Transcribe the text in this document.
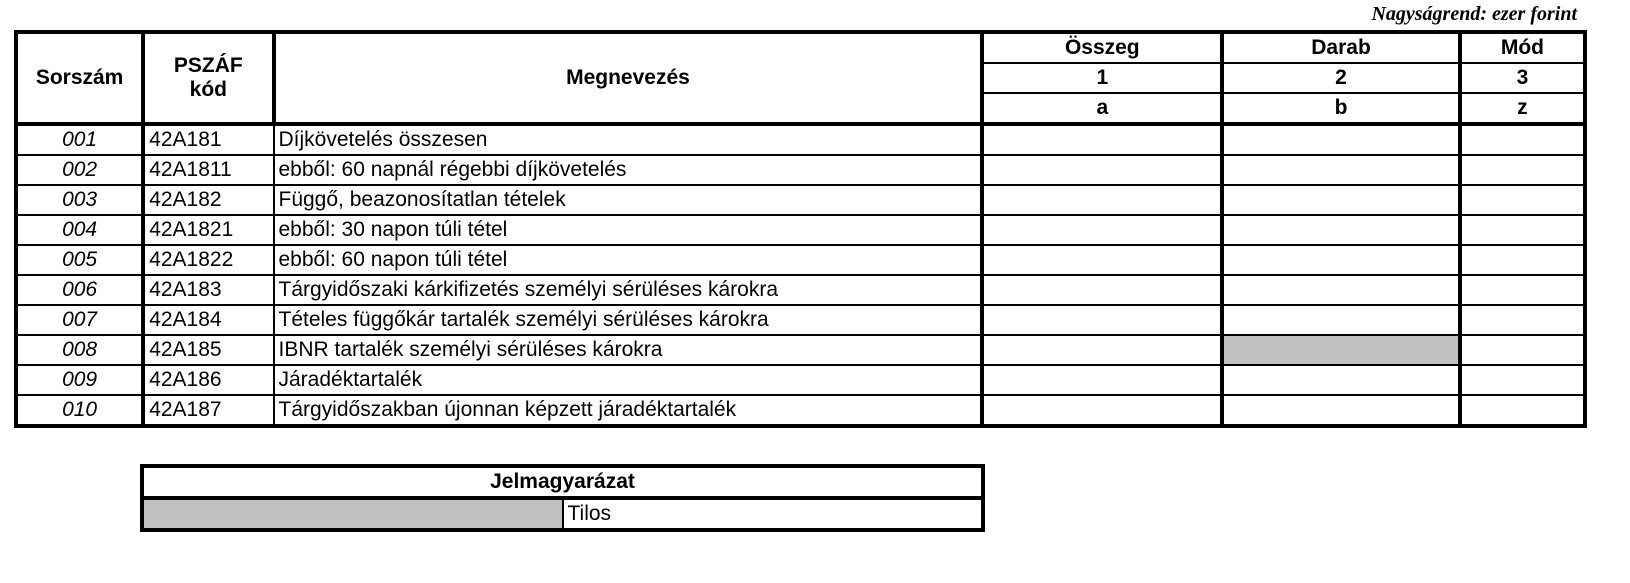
Nagyságrend: ezer forint
Sorszám	PSZÁF kód	Megnevezés	Összeg	Darab	Mód
			1	2	3
			a	b	z
001	42A181	Díjkövetelés összesen			
002	42A1811	ebből: 60 napnál régebbi díjkövetelés			
003	42A182	Függő, beazonosítatlan tételek			
004	42A1821	ebből: 30 napon túli tétel			
005	42A1822	ebből: 60 napon túli tétel			
006	42A183	Tárgyidőszaki kárkifizetés személyi sérüléses károkra			
007	42A184	Tételes függőkár tartalék személyi sérüléses károkra			
008	42A185	IBNR tartalék személyi sérüléses károkra			
009	42A186	Járadéktartalék			
010	42A187	Tárgyidőszakban újonnan képzett járadéktartalék			
Jelmagyarázat
	Tilos
